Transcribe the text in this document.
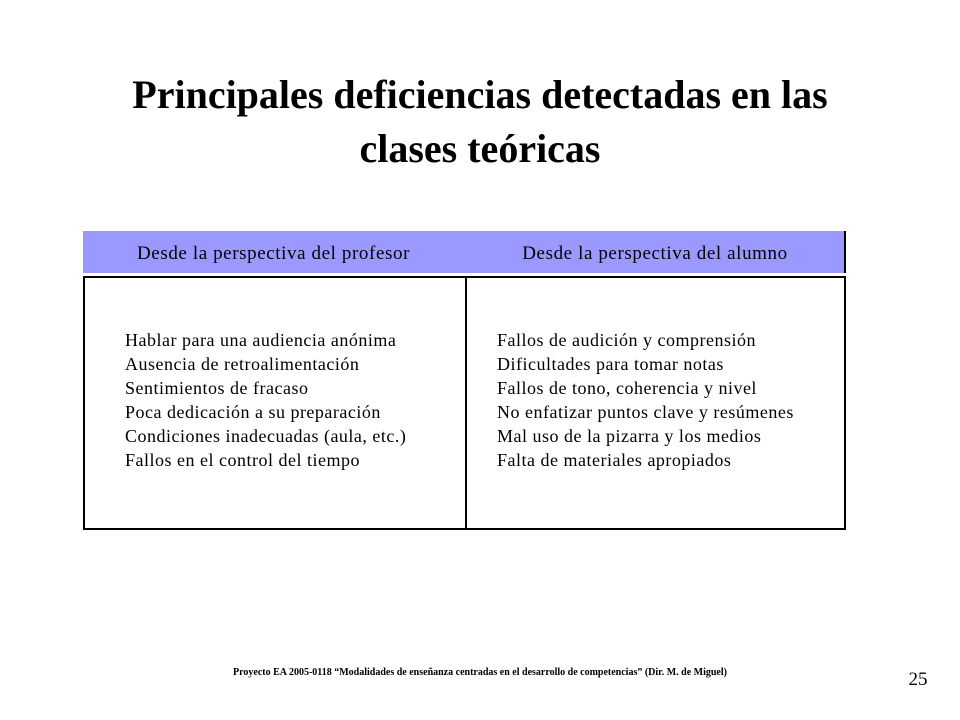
Principales deficiencias detectadas en las
clases teóricas
Desde la perspectiva del profesor	Desde la perspectiva del alumno
Hablar para una audiencia anónima
Ausencia de retroalimentación
Sentimientos de fracaso
Poca dedicación a su preparación
Condiciones inadecuadas (aula, etc.)
Fallos en el control del tiempo
Fallos de audición y comprensión
Dificultades para tomar notas
Fallos de tono, coherencia y nivel
No enfatizar puntos clave y resúmenes
Mal uso de la pizarra y los medios
Falta de materiales apropiados
Proyecto EA 2005-0118 “Modalidades de enseñanza centradas en el desarrollo de competencias” (Dir. M. de Miguel)	25
